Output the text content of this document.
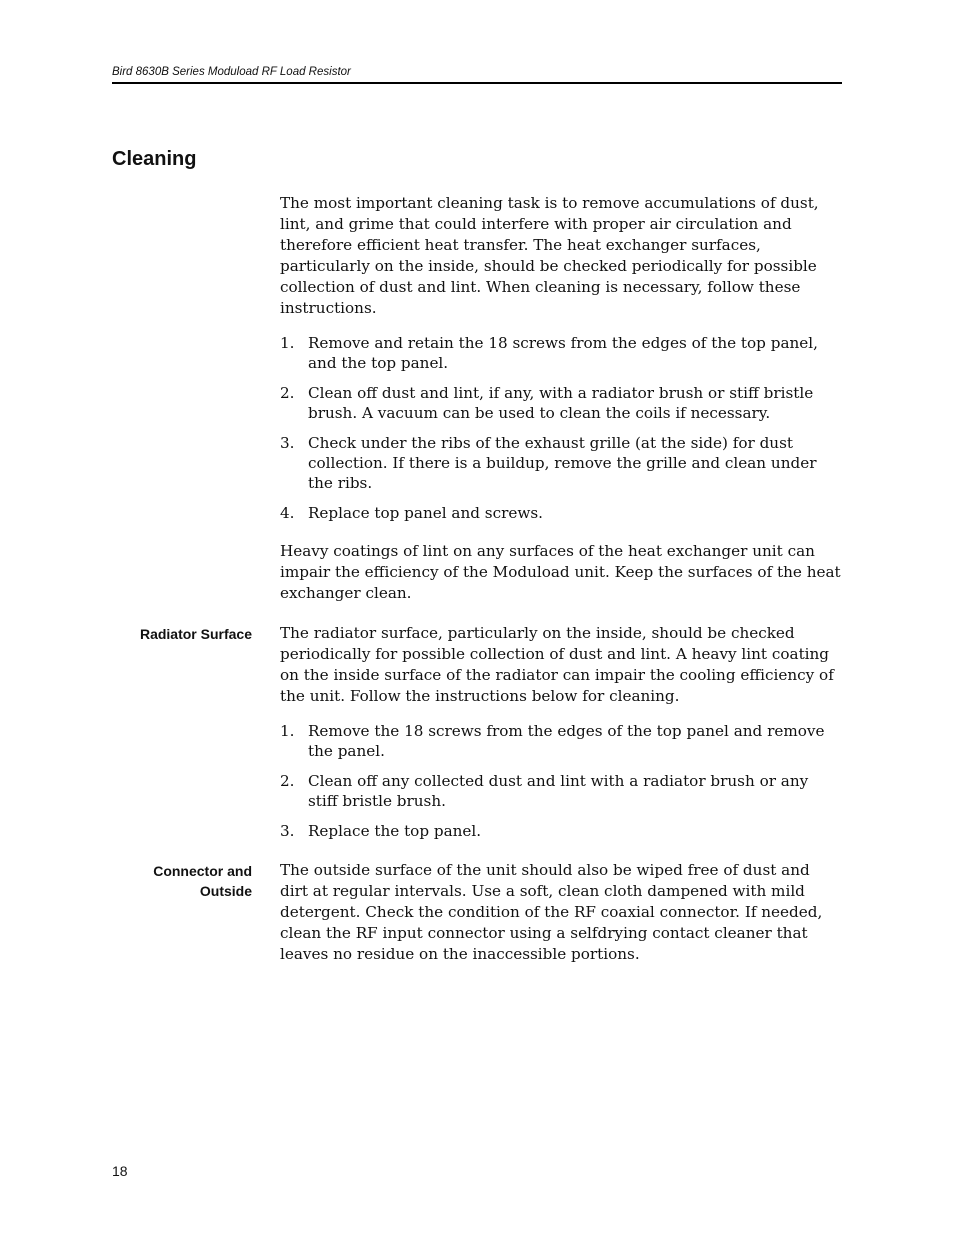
Bird 8630B Series Moduload RF Load Resistor
Cleaning

The most important cleaning task is to remove accumulations of dust, lint, and grime that could interfere with proper air circulation and therefore efficient heat transfer. The heat exchanger surfaces, particularly on the inside, should be checked periodically for possible collection of dust and lint. When cleaning is necessary, follow these instructions.

1. Remove and retain the 18 screws from the edges of the top panel, and the top panel.
2. Clean off dust and lint, if any, with a radiator brush or stiff bristle brush. A vacuum can be used to clean the coils if necessary.
3. Check under the ribs of the exhaust grille (at the side) for dust collection. If there is a buildup, remove the grille and clean under the ribs.
4. Replace top panel and screws.

Heavy coatings of lint on any surfaces of the heat exchanger unit can impair the efficiency of the Moduload unit. Keep the surfaces of the heat exchanger clean.

Radiator Surface The radiator surface, particularly on the inside, should be checked periodically for possible collection of dust and lint. A heavy lint coating on the inside surface of the radiator can impair the cooling efficiency of the unit. Follow the instructions below for cleaning.

1. Remove the 18 screws from the edges of the top panel and remove the panel.
2. Clean off any collected dust and lint with a radiator brush or any stiff bristle brush.
3. Replace the top panel.
Connector and
Outside

The outside surface of the unit should also be wiped free of dust and dirt at regular intervals. Use a soft, clean cloth dampened with mild detergent. Check the condition of the RF coaxial connector. If needed, clean the RF input connector using a selfdrying contact cleaner that leaves no residue on the inaccessible portions.

18
